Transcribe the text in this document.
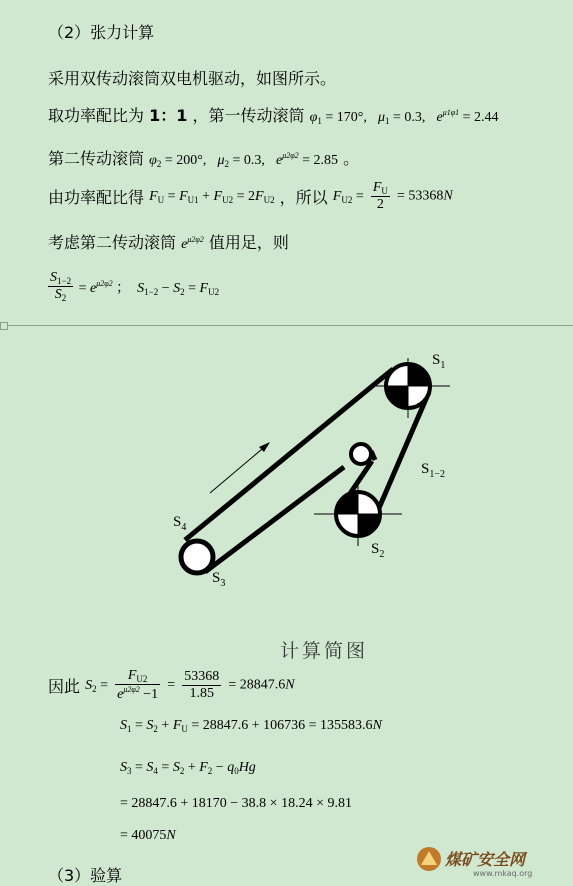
（2）张力计算
采用双传动滚筒双电机驱动，如图所示。
取功率配比为 1：1 ，第一传动滚筒 $\varphi_1 = 170^\circ$, $\mu_1 = 0.3$, $e^{\mu 1\varphi 1} = 2.44$
第二传动滚筒 $\varphi_2 = 200^\circ$, $\mu_2 = 0.3$, $e^{\mu 2\varphi 2} = 2.85$ 。
由功率配比得 $F_U = F_{U1} + F_{U2} = 2F_{U2}$ ，所以 $F_{U2} = \frac{F_U}{2} = 53368N$
考虑第二传动滚筒 $e^{\mu 2\varphi 2}$ 值用足，则
$\frac{S_{1-2}}{S_2} = e^{\mu 2\varphi 2}$ ；  $S_{1-2} - S_2 = F_{U2}$
$S_1$
$S_{1-2}$
$S_2$
$S_3$
$S_4$
计算简图
因此 $S_2 = \frac{F_{U2}}{e^{\mu 2\varphi 2} -1} = \frac{53368}{1.85} = 28847.6N$
$S_1 = S_2 + F_U = 28847.6 + 106736 = 135583.6N$
$S_3 = S_4 = S_2 + F_2 - q_0Hg$
= 28847.6 + 18170 − 38.8 × 18.24 × 9.81
= 40075N
（3）验算
煤矿安全网
www.mkaq.org
